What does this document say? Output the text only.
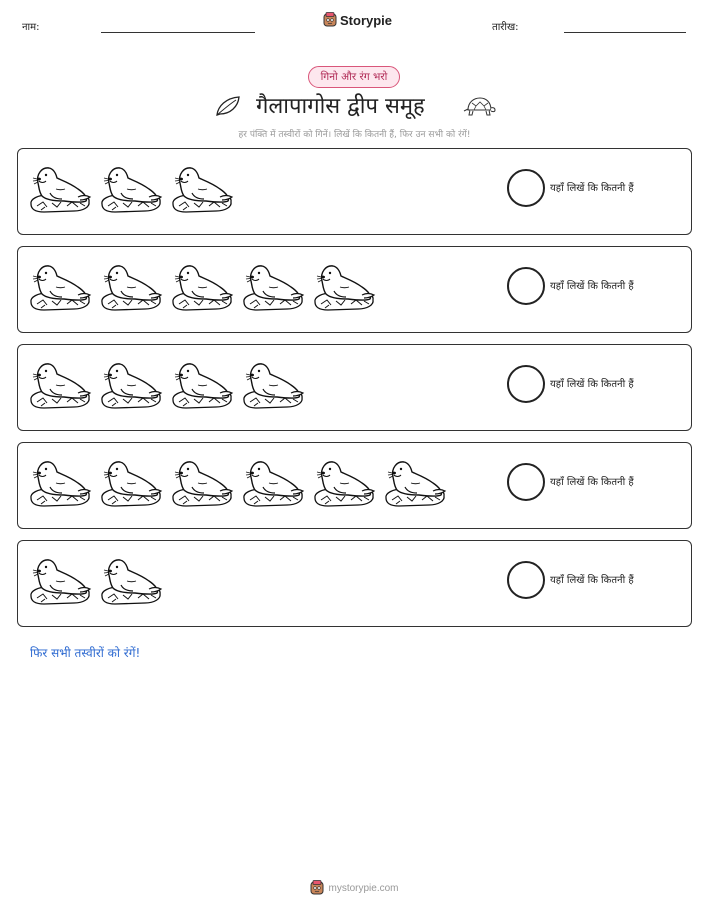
नाम:	Storypie	तारीख:
गिनो और रंग भरो
गैलापागोस द्वीप समूह
हर पंक्ति में तस्वीरों को गिनें। लिखें कि कितनी हैं, फिर उन सभी को रंगें!
यहाँ लिखें कि कितनी हैं
यहाँ लिखें कि कितनी हैं
यहाँ लिखें कि कितनी हैं
यहाँ लिखें कि कितनी हैं
यहाँ लिखें कि कितनी हैं
फिर सभी तस्वीरों को रंगें!
mystorypie.com
